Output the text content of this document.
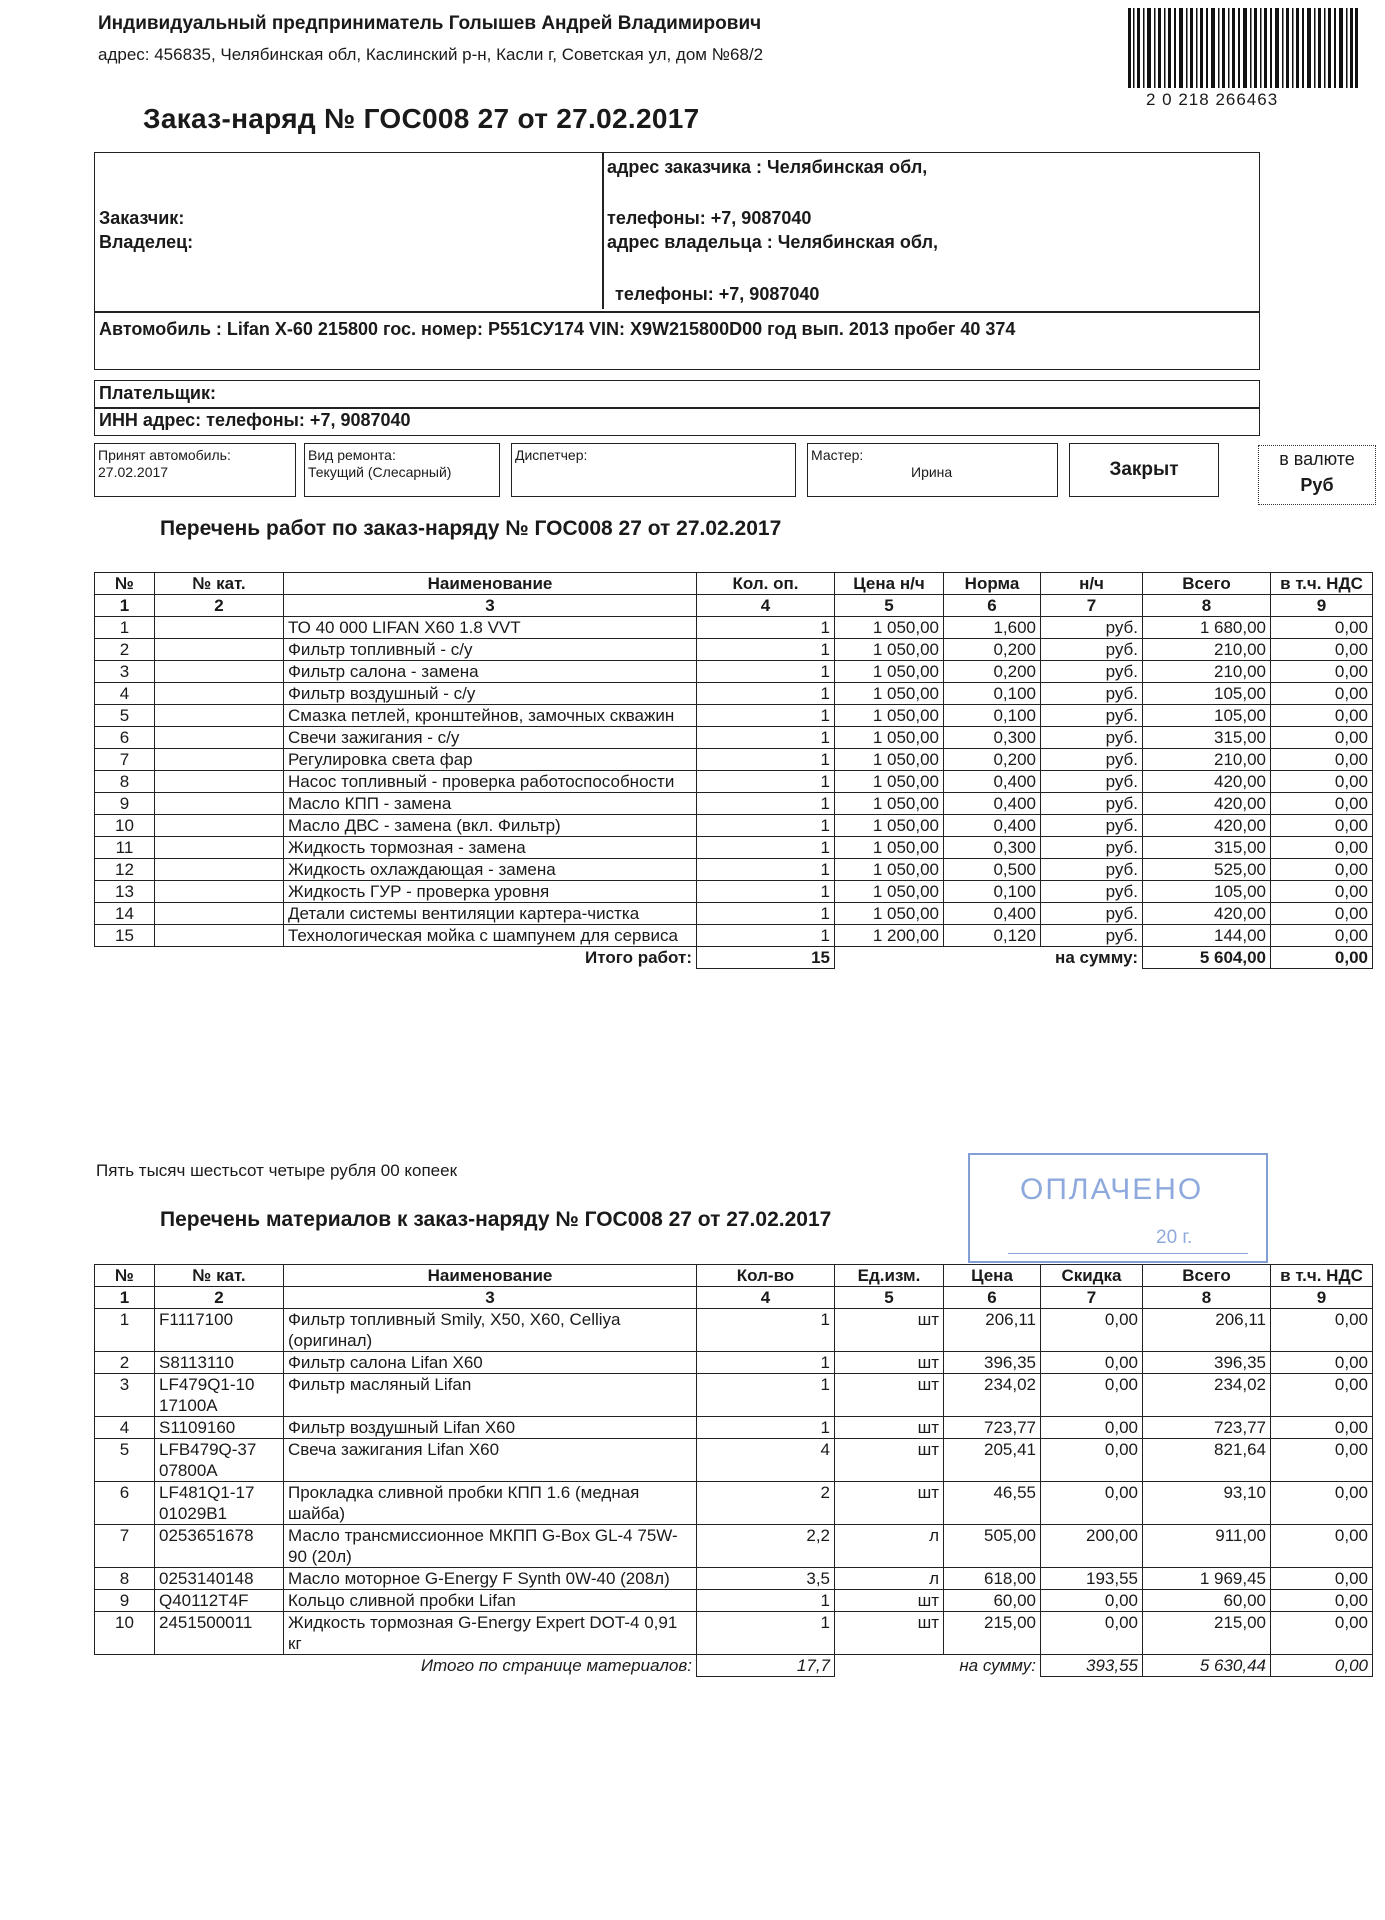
Индивидуальный предприниматель Голышев Андрей Владимирович
адрес: 456835, Челябинская обл, Каслинский р-н, Касли г, Советская ул, дом №68/2
Заказ-наряд № ГОС008 27 от 27.02.2017
2 0 218 266463
Заказчик:
Владелец:
адрес заказчика : Челябинская обл,
телефоны: +7, 9087040
адрес владельца : Челябинская обл,
телефоны: +7, 9087040
Автомобиль : Lifan X-60 215800 гос. номер: Р551СУ174 VIN: X9W215800D00 год вып. 2013 пробег 40 374
Плательщик:
ИНН адрес: телефоны: +7, 9087040
Принят автомобиль:
27.02.2017
Вид ремонта:
Текущий (Слесарный)
Диспетчер:	Мастер:
Ирина	Закрыт	в валюте
Руб
Перечень работ по заказ-наряду № ГОС008 27 от 27.02.2017
№	№ кат.	Наименование	Кол. оп.	Цена н/ч	Норма	н/ч	Всего	в т.ч. НДС
1	2	3	4	5	6	7	8	9
1		ТО 40 000 LIFAN X60 1.8 VVT	1	1 050,00	1,600	руб.	1 680,00	0,00
2		Фильтр топливный - с/у	1	1 050,00	0,200	руб.	210,00	0,00
3		Фильтр салона - замена	1	1 050,00	0,200	руб.	210,00	0,00
4		Фильтр воздушный - с/у	1	1 050,00	0,100	руб.	105,00	0,00
5		Смазка петлей, кронштейнов, замочных скважин	1	1 050,00	0,100	руб.	105,00	0,00
6		Свечи зажигания - с/у	1	1 050,00	0,300	руб.	315,00	0,00
7		Регулировка света фар	1	1 050,00	0,200	руб.	210,00	0,00
8		Насос топливный - проверка работоспособности	1	1 050,00	0,400	руб.	420,00	0,00
9		Масло КПП - замена	1	1 050,00	0,400	руб.	420,00	0,00
10		Масло ДВС - замена (вкл. Фильтр)	1	1 050,00	0,400	руб.	420,00	0,00
11		Жидкость тормозная - замена	1	1 050,00	0,300	руб.	315,00	0,00
12		Жидкость охлаждающая - замена	1	1 050,00	0,500	руб.	525,00	0,00
13		Жидкость ГУР - проверка уровня	1	1 050,00	0,100	руб.	105,00	0,00
14		Детали системы вентиляции картера-чистка	1	1 050,00	0,400	руб.	420,00	0,00
15		Технологическая мойка с шампунем для сервиса	1	1 200,00	0,120	руб.	144,00	0,00
Итого работ:			15	на сумму:			5 604,00	0,00
Пять тысяч шестьсот четыре рубля 00 копеек
ОПЛАЧЕНО
20 г.
Перечень материалов к заказ-наряду № ГОС008 27 от 27.02.2017
№	№ кат.	Наименование	Кол-во	Ед.изм.	Цена	Скидка	Всего	в т.ч. НДС
1	2	3	4	5	6	7	8	9
1	F1117100	Фильтр топливный Smily, X50, X60, Celliya (оригинал)	1	шт	206,11	0,00	206,11	0,00
2	S8113110	Фильтр салона Lifan X60	1	шт	396,35	0,00	396,35	0,00
3	LF479Q1-10 17100A	Фильтр масляный Lifan	1	шт	234,02	0,00	234,02	0,00
4	S1109160	Фильтр воздушный Lifan X60	1	шт	723,77	0,00	723,77	0,00
5	LFB479Q-37 07800A	Свеча зажигания Lifan X60	4	шт	205,41	0,00	821,64	0,00
6	LF481Q1-17 01029B1	Прокладка сливной пробки КПП 1.6 (медная шайба)	2	шт	46,55	0,00	93,10	0,00
7	0253651678	Масло трансмиссионное МКПП G-Box GL-4 75W-90 (20л)	2,2	л	505,00	200,00	911,00	0,00
8	0253140148	Масло моторное G-Energy F Synth 0W-40 (208л)	3,5	л	618,00	193,55	1 969,45	0,00
9	Q40112T4F	Кольцо сливной пробки Lifan	1	шт	60,00	0,00	60,00	0,00
10	2451500011	Жидкость тормозная G-Energy Expert DOT-4 0,91 кг	1	шт	215,00	0,00	215,00	0,00
Итого по странице материалов:			17,7	на сумму:		393,55	5 630,44	0,00
